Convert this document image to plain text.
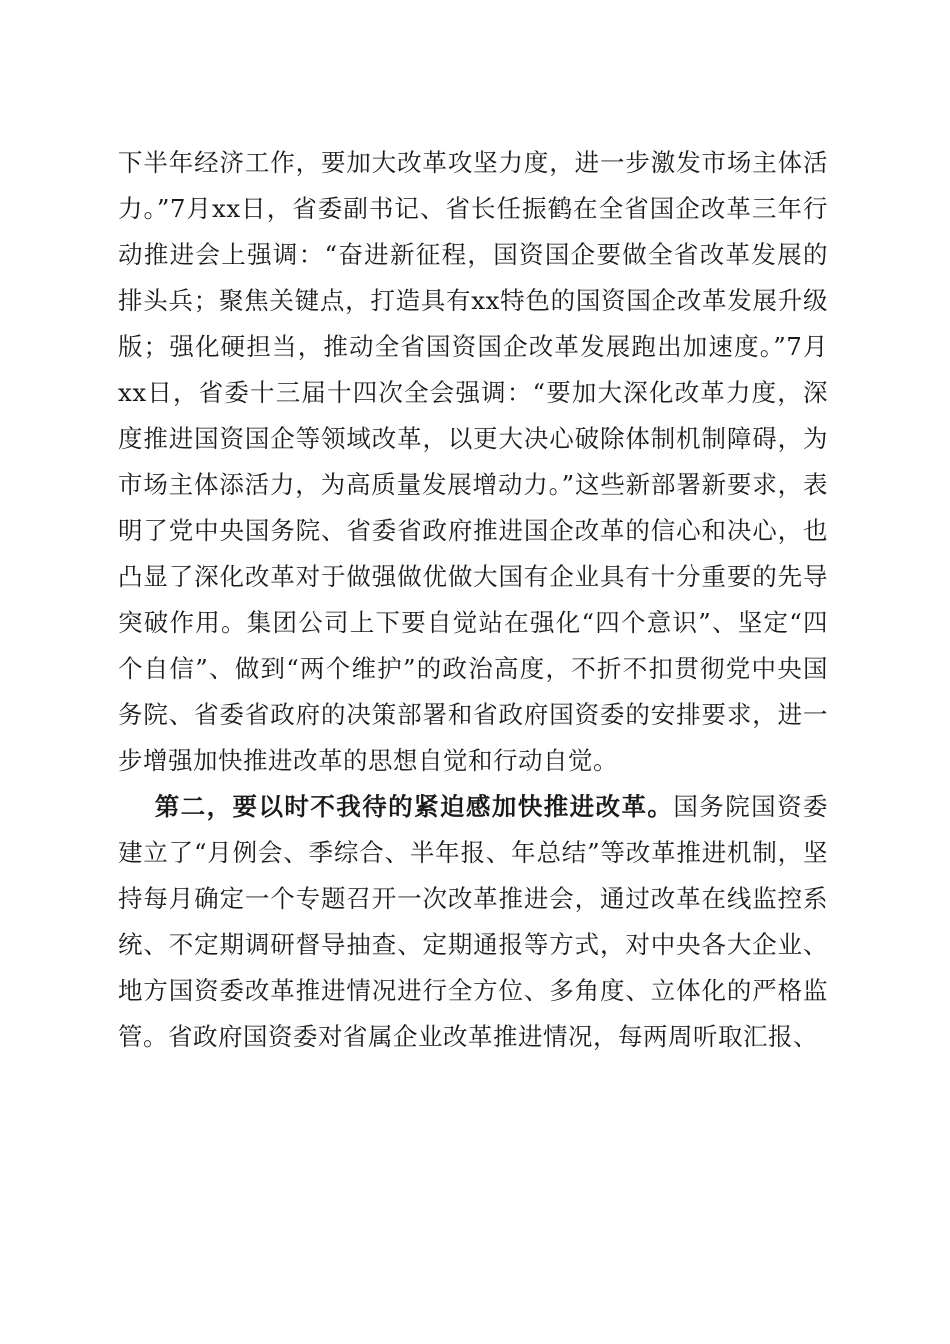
下半年经济工作，要加大改革攻坚力度，进一步激发市场主体活力。”7月xx日，省委副书记、省长任振鹤在全省国企改革三年行动推进会上强调：“奋进新征程，国资国企要做全省改革发展的排头兵；聚焦关键点，打造具有xx特色的国资国企改革发展升级版；强化硬担当，推动全省国资国企改革发展跑出加速度。”7月xx日，省委十三届十四次全会强调：“要加大深化改革力度，深度推进国资国企等领域改革，以更大决心破除体制机制障碍，为市场主体添活力，为高质量发展增动力。”这些新部署新要求，表明了党中央国务院、省委省政府推进国企改革的信心和决心，也凸显了深化改革对于做强做优做大国有企业具有十分重要的先导突破作用。集团公司上下要自觉站在强化“四个意识”、坚定“四个自信”、做到“两个维护”的政治高度，不折不扣贯彻党中央国务院、省委省政府的决策部署和省政府国资委的安排要求，进一步增强加快推进改革的思想自觉和行动自觉。

第二，要以时不我待的紧迫感加快推进改革。国务院国资委建立了“月例会、季综合、半年报、年总结”等改革推进机制，坚持每月确定一个专题召开一次改革推进会，通过改革在线监控系统、不定期调研督导抽查、定期通报等方式，对中央各大企业、地方国资委改革推进情况进行全方位、多角度、立体化的严格监管。省政府国资委对省属企业改革推进情况，每两周听取汇报、
